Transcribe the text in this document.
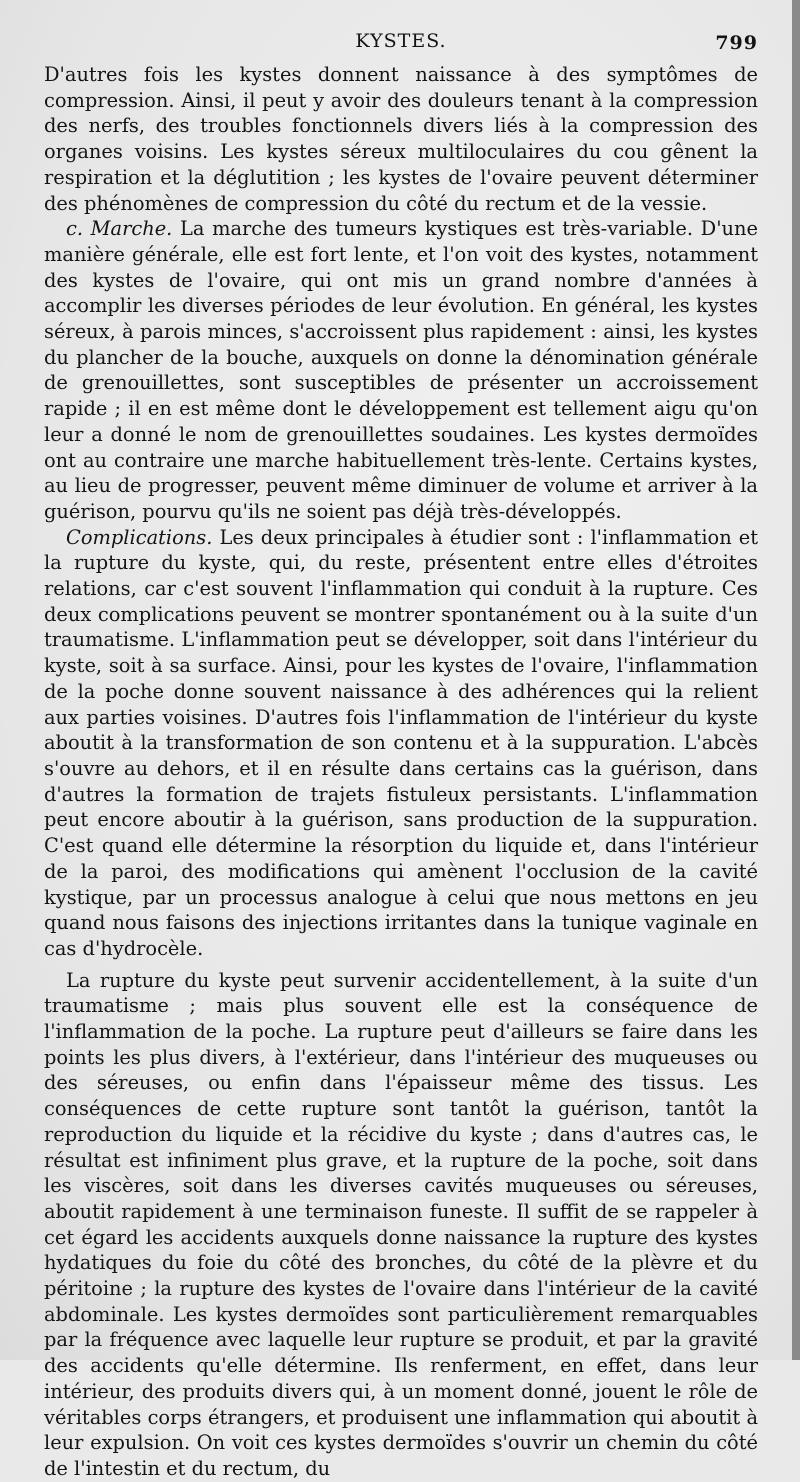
KYSTES.	799

D'autres fois les kystes donnent naissance à des symptômes de compression. Ainsi, il peut y avoir des douleurs tenant à la compression des nerfs, des troubles fonctionnels divers liés à la compression des organes voisins. Les kystes séreux multiloculaires du cou gênent la respiration et la déglutition ; les kystes de l'ovaire peuvent déterminer des phénomènes de compression du côté du rectum et de la vessie.

c. Marche. La marche des tumeurs kystiques est très-variable. D'une manière générale, elle est fort lente, et l'on voit des kystes, notamment des kystes de l'ovaire, qui ont mis un grand nombre d'années à accomplir les diverses périodes de leur évolution. En général, les kystes séreux, à parois minces, s'accroissent plus rapidement : ainsi, les kystes du plancher de la bouche, auxquels on donne la dénomination générale de grenouillettes, sont susceptibles de présenter un accroissement rapide ; il en est même dont le développement est tellement aigu qu'on leur a donné le nom de grenouillettes soudaines. Les kystes dermoïdes ont au contraire une marche habituellement très-lente. Certains kystes, au lieu de progresser, peuvent même diminuer de volume et arriver à la guérison, pourvu qu'ils ne soient pas déjà très-développés.

Complications. Les deux principales à étudier sont : l'inflammation et la rupture du kyste, qui, du reste, présentent entre elles d'étroites relations, car c'est souvent l'inflammation qui conduit à la rupture. Ces deux complications peuvent se montrer spontanément ou à la suite d'un traumatisme. L'inflammation peut se développer, soit dans l'intérieur du kyste, soit à sa surface. Ainsi, pour les kystes de l'ovaire, l'inflammation de la poche donne souvent naissance à des adhérences qui la relient aux parties voisines. D'autres fois l'inflammation de l'intérieur du kyste aboutit à la transformation de son contenu et à la suppuration. L'abcès s'ouvre au dehors, et il en résulte dans certains cas la guérison, dans d'autres la formation de trajets fistuleux persistants. L'inflammation peut encore aboutir à la guérison, sans production de la suppuration. C'est quand elle détermine la résorption du liquide et, dans l'intérieur de la paroi, des modifications qui amènent l'occlusion de la cavité kystique, par un processus analogue à celui que nous mettons en jeu quand nous faisons des injections irritantes dans la tunique vaginale en cas d'hydrocèle.

La rupture du kyste peut survenir accidentellement, à la suite d'un traumatisme ; mais plus souvent elle est la conséquence de l'inflammation de la poche. La rupture peut d'ailleurs se faire dans les points les plus divers, à l'extérieur, dans l'intérieur des muqueuses ou des séreuses, ou enfin dans l'épaisseur même des tissus. Les conséquences de cette rupture sont tantôt la guérison, tantôt la reproduction du liquide et la récidive du kyste ; dans d'autres cas, le résultat est infiniment plus grave, et la rupture de la poche, soit dans les viscères, soit dans les diverses cavités muqueuses ou séreuses, aboutit rapidement à une terminaison funeste. Il suffit de se rappeler à cet égard les accidents auxquels donne naissance la rupture des kystes hydatiques du foie du côté des bronches, du côté de la plèvre et du péritoine ; la rupture des kystes de l'ovaire dans l'intérieur de la cavité abdominale. Les kystes dermoïdes sont particulièrement remarquables par la fréquence avec laquelle leur rupture se produit, et par la gravité des accidents qu'elle détermine. Ils renferment, en effet, dans leur intérieur, des produits divers qui, à un moment donné, jouent le rôle de véritables corps étrangers, et produisent une inflammation qui aboutit à leur expulsion. On voit ces kystes dermoïdes s'ouvrir un chemin du côté de l'intestin et du rectum, du
